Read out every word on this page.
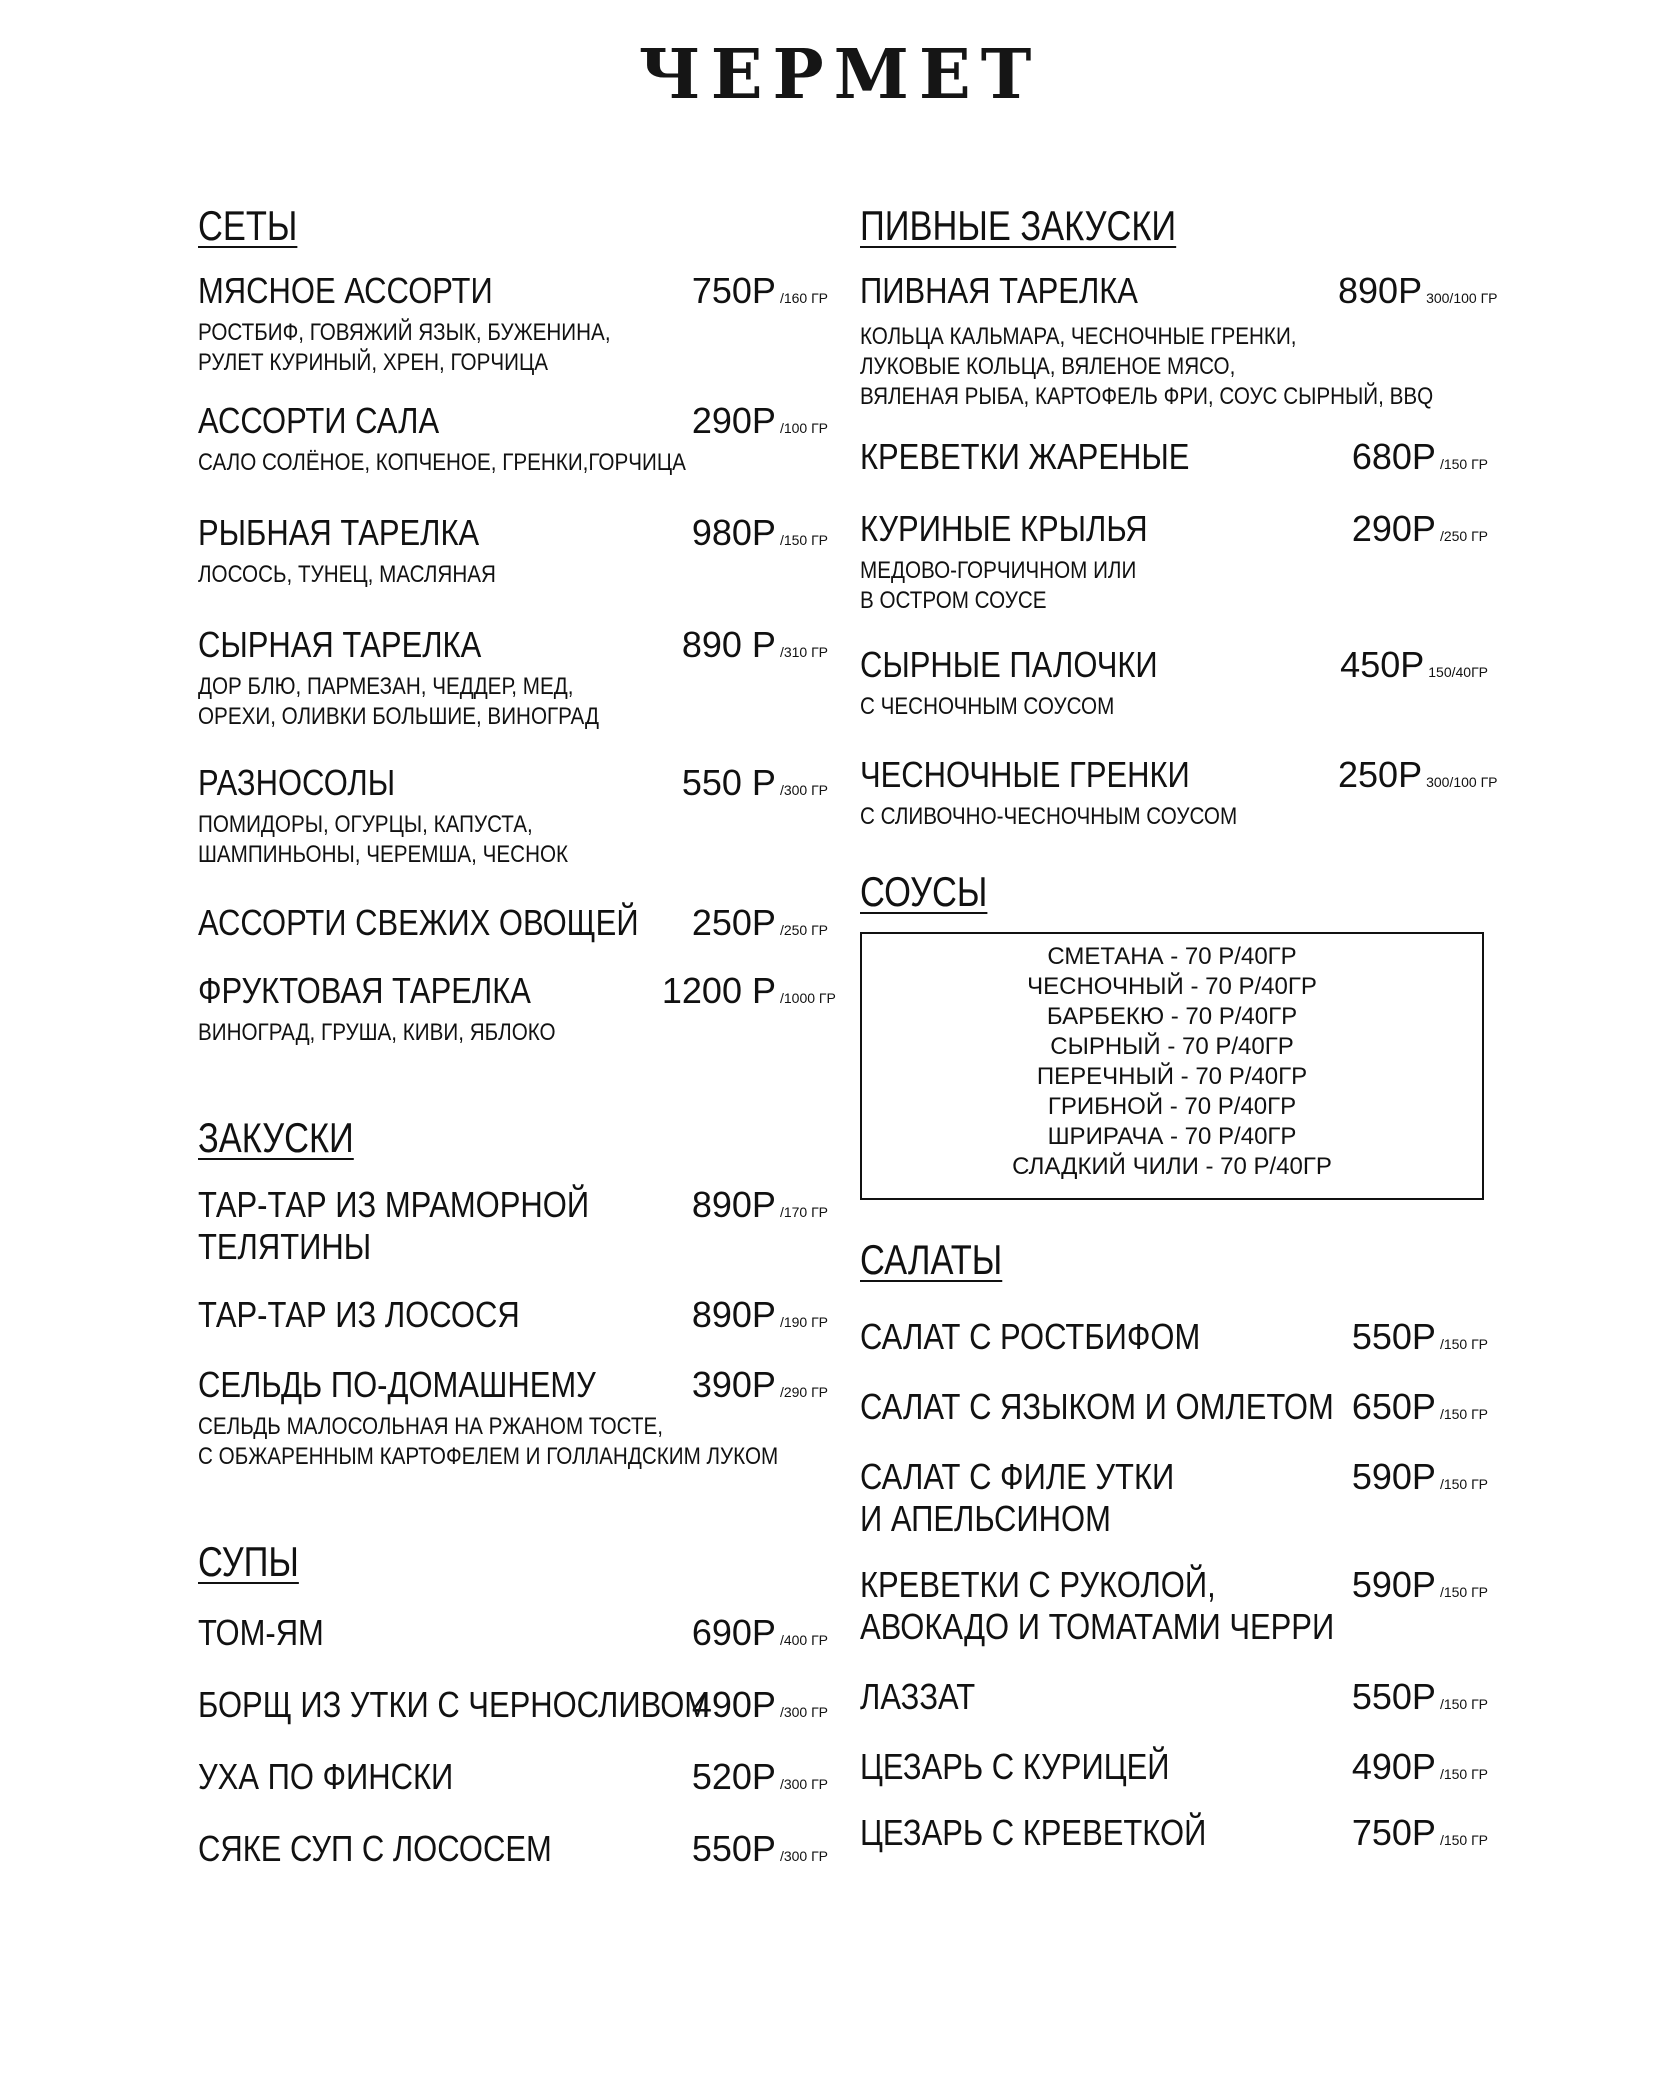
ЧЕРМЕТ
СЕТЫ
МЯСНОЕ АССОРТИ
РОСТБИФ, ГОВЯЖИЙ ЯЗЫК, БУЖЕНИНА,
РУЛЕТ КУРИНЫЙ, ХРЕН, ГОРЧИЦА
750Р /160 ГР
АССОРТИ САЛА
САЛО СОЛЁНОЕ, КОПЧЕНОЕ, ГРЕНКИ,ГОРЧИЦА
290Р /100 ГР
РЫБНАЯ ТАРЕЛКА
ЛОСОСЬ, ТУНЕЦ, МАСЛЯНАЯ
980Р /150 ГР
СЫРНАЯ ТАРЕЛКА
ДОР БЛЮ, ПАРМЕЗАН, ЧЕДДЕР, МЕД,
ОРЕХИ, ОЛИВКИ БОЛЬШИЕ, ВИНОГРАД
890 Р /310 ГР
РАЗНОСОЛЫ
ПОМИДОРЫ, ОГУРЦЫ, КАПУСТА,
ШАМПИНЬОНЫ, ЧЕРЕМША, ЧЕСНОК
550 Р /300 ГР
АССОРТИ СВЕЖИХ ОВОЩЕЙ 250Р /250 ГР
ФРУКТОВАЯ ТАРЕЛКА
ВИНОГРАД, ГРУША, КИВИ, ЯБЛОКО
1200 Р /1000 ГР
ЗАКУСКИ
ТАР-ТАР ИЗ МРАМОРНОЙ
ТЕЛЯТИНЫ
890Р /170 ГР
ТАР-ТАР ИЗ ЛОСОСЯ	890Р /190 ГР
СЕЛЬДЬ ПО-ДОМАШНЕМУ
СЕЛЬДЬ МАЛОСОЛЬНАЯ НА РЖАНОМ ТОСТЕ,
С ОБЖАРЕННЫМ КАРТОФЕЛЕМ И ГОЛЛАНДСКИМ ЛУКОМ
390Р /290 ГР
СУПЫ
ТОМ-ЯМ	690Р /400 ГР
БОРЩ ИЗ УТКИ С ЧЕРНОСЛИВОМ
490Р /300 ГР
УХА ПО ФИНСКИ	520Р /300 ГР
СЯКЕ СУП С ЛОСОСЕМ	550Р /300 ГР
ПИВНЫЕ ЗАКУСКИ
ПИВНАЯ ТАРЕЛКА
КОЛЬЦА КАЛЬМАРА, ЧЕСНОЧНЫЕ ГРЕНКИ,
ЛУКОВЫЕ КОЛЬЦА, ВЯЛЕНОЕ МЯСО,
ВЯЛЕНАЯ РЫБА, КАРТОФЕЛЬ ФРИ, СОУС СЫРНЫЙ, BBQ
890Р 300/100 ГР
КРЕВЕТКИ ЖАРЕНЫЕ	680Р /150 ГР
КУРИНЫЕ КРЫЛЬЯ
МЕДОВО-ГОРЧИЧНОМ ИЛИ
В ОСТРОМ СОУСЕ
290Р /250 ГР
СЫРНЫЕ ПАЛОЧКИ
С ЧЕСНОЧНЫМ СОУСОМ
450Р 150/40ГР
ЧЕСНОЧНЫЕ ГРЕНКИ
С СЛИВОЧНО-ЧЕСНОЧНЫМ СОУСОМ
250Р 300/100 ГР
СОУСЫ
СМЕТАНА - 70 Р/40ГР
ЧЕСНОЧНЫЙ - 70 Р/40ГР
БАРБЕКЮ - 70 Р/40ГР
СЫРНЫЙ - 70 Р/40ГР
ПЕРЕЧНЫЙ - 70 Р/40ГР
ГРИБНОЙ - 70 Р/40ГР
ШРИРАЧА - 70 Р/40ГР
СЛАДКИЙ ЧИЛИ - 70 Р/40ГР
САЛАТЫ
САЛАТ С РОСТБИФОМ	550Р /150 ГР
САЛАТ С ЯЗЫКОМ И ОМЛЕТОМ 650Р /150 ГР
САЛАТ С ФИЛЕ УТКИ
И АПЕЛЬСИНОМ
590Р /150 ГР
КРЕВЕТКИ С РУКОЛОЙ,
АВОКАДО И ТОМАТАМИ ЧЕРРИ
590Р /150 ГР
ЛАЗЗАТ	550Р /150 ГР
ЦЕЗАРЬ С КУРИЦЕЙ	490Р /150 ГР
ЦЕЗАРЬ С КРЕВЕТКОЙ	750Р /150 ГР
